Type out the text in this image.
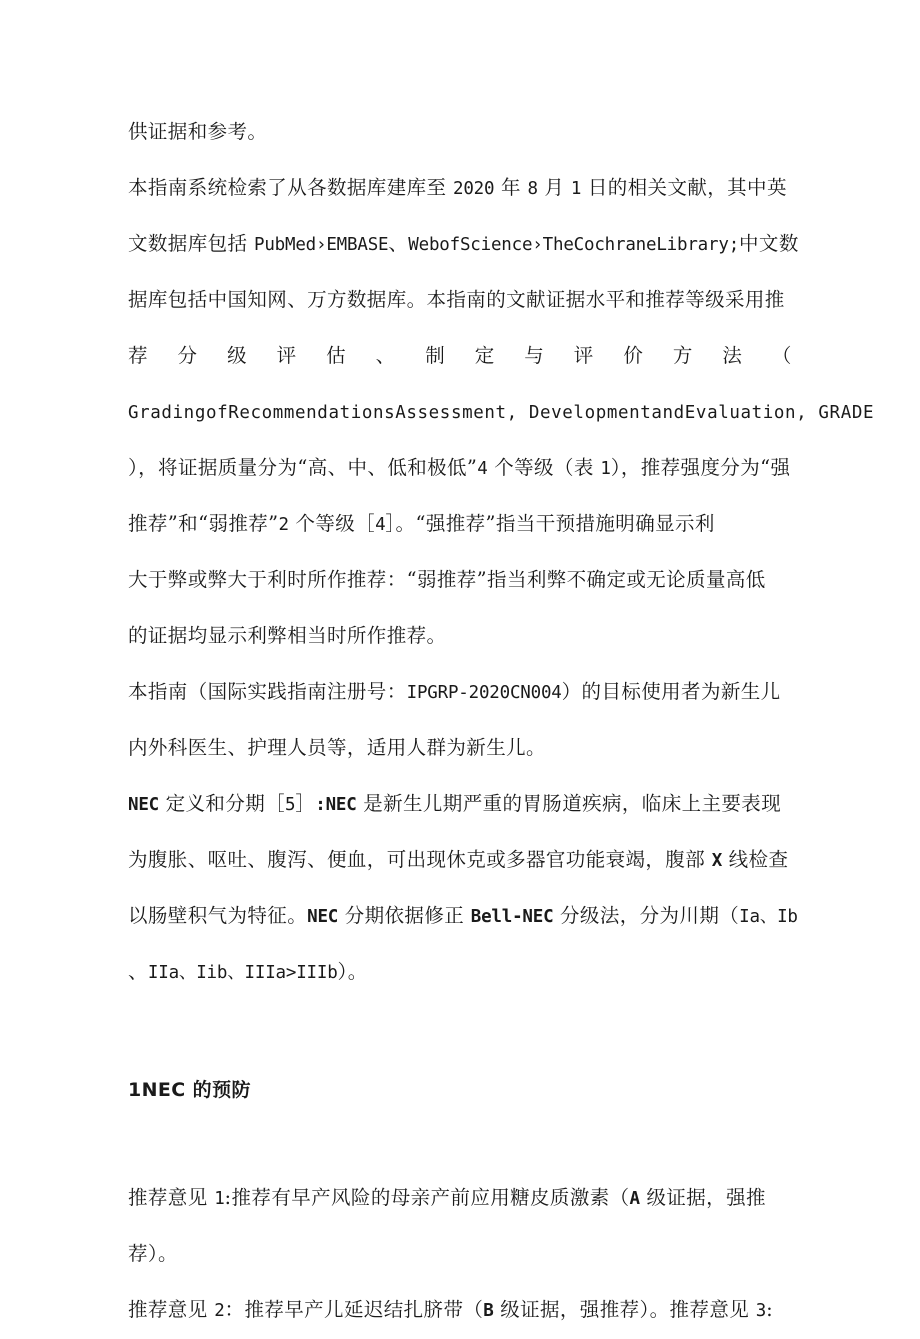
供证据和参考。
本指南系统检索了从各数据库建库至 2020 年 8 月 1 日的相关文献，其中英
文数据库包括 PubMed›EMBASE、WebofScience›TheCochraneLibrary;中文数
据库包括中国知网、万方数据库。本指南的文献证据水平和推荐等级采用推
荐 分 级 评 估 、 制 定 与 评 价 方 法 （
GradingofRecommendationsAssessment, DevelopmentandEvaluation, GRADE
），将证据质量分为“高、中、低和极低”4 个等级（表 1），推荐强度分为“强
推荐”和“弱推荐”2 个等级［4］。“强推荐”指当干预措施明确显示利
大于弊或弊大于利时所作推荐：“弱推荐”指当利弊不确定或无论质量高低
的证据均显示利弊相当时所作推荐。
本指南（国际实践指南注册号：IPGRP-2020CN004）的目标使用者为新生儿
内外科医生、护理人员等，适用人群为新生儿。
NEC 定义和分期［5］:NEC 是新生儿期严重的胃肠道疾病，临床上主要表现
为腹胀、呕吐、腹泻、便血，可出现休克或多器官功能衰竭，腹部 X 线检查
以肠壁积气为特征。NEC 分期依据修正 Bell-NEC 分级法，分为川期（Ia、Ib
、IIa、Iib、IIIa>IIIb）。
1NEC 的预防
推荐意见 1:推荐有早产风险的母亲产前应用糖皮质激素（A 级证据，强推
荐）。
推荐意见 2：推荐早产儿延迟结扎脐带（B 级证据，强推荐）。推荐意见 3:
